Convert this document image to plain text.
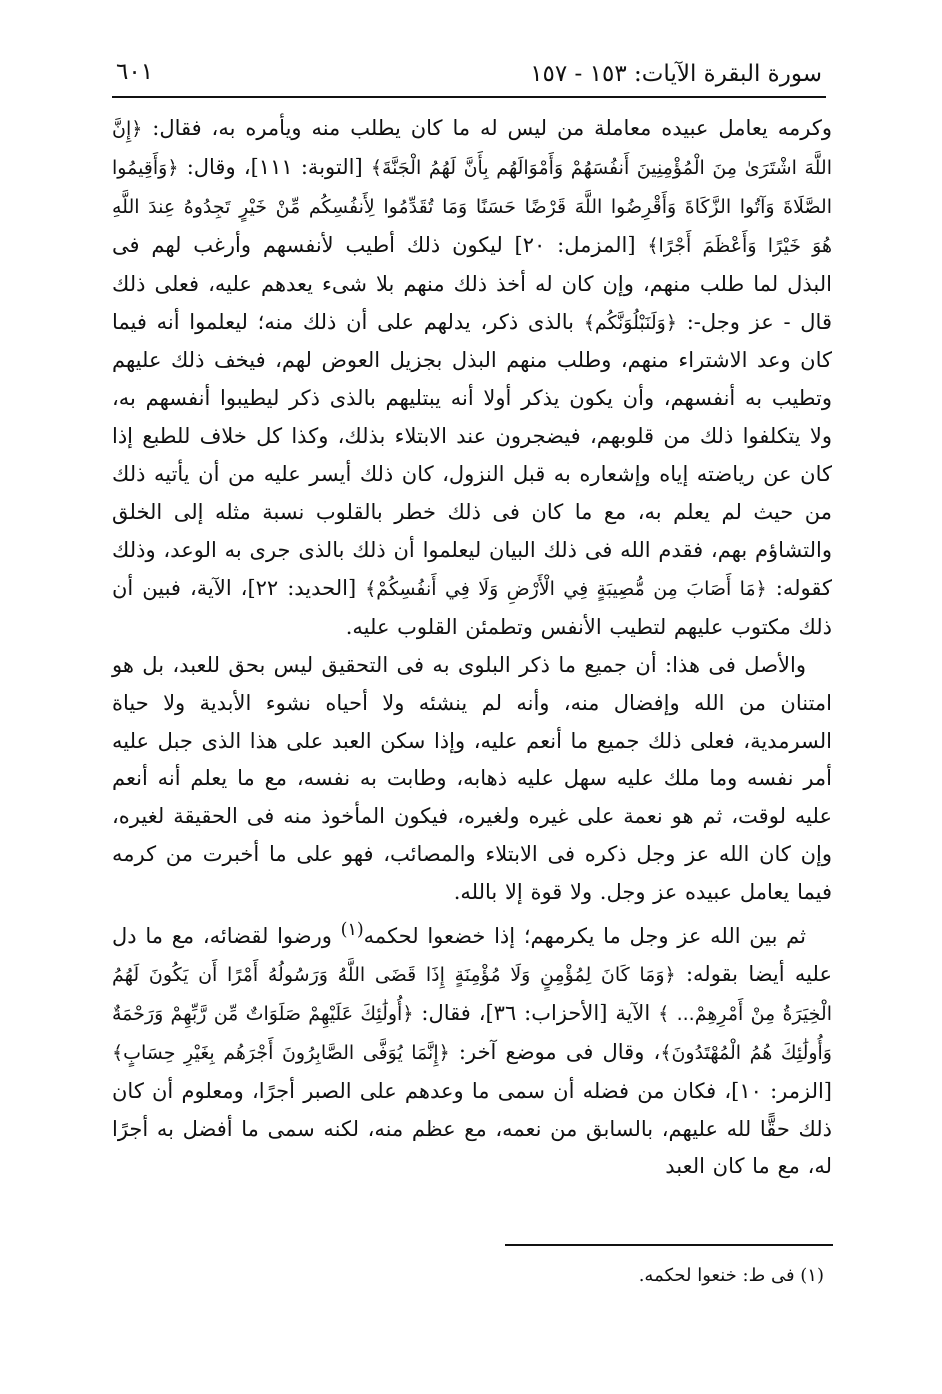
سورة البقرة الآيات: ١٥٣ - ١٥٧
٦٠١

وكرمه يعامل عبيده معاملة من ليس له ما كان يطلب منه ويأمره به، فقال: ﴿إِنَّ اللَّهَ اشْتَرَىٰ مِنَ الْمُؤْمِنِينَ أَنفُسَهُمْ وَأَمْوَالَهُم بِأَنَّ لَهُمُ الْجَنَّةَ﴾ [التوبة: ١١١]، وقال: ﴿وَأَقِيمُوا الصَّلَاةَ وَآتُوا الزَّكَاةَ وَأَقْرِضُوا اللَّهَ قَرْضًا حَسَنًا وَمَا تُقَدِّمُوا لِأَنفُسِكُم مِّنْ خَيْرٍ تَجِدُوهُ عِندَ اللَّهِ هُوَ خَيْرًا وَأَعْظَمَ أَجْرًا﴾ [المزمل: ٢٠] ليكون ذلك أطيب لأنفسهم وأرغب لهم فى البذل لما طلب منهم، وإن كان له أخذ ذلك منهم بلا شىء يعدهم عليه، فعلى ذلك قال - عز وجل-: ﴿وَلَنَبْلُوَنَّكُم﴾ بالذى ذكر، يدلهم على أن ذلك منه؛ ليعلموا أنه فيما كان وعد الاشتراء منهم، وطلب منهم البذل بجزيل العوض لهم، فيخف ذلك عليهم وتطيب به أنفسهم، وأن يكون يذكر أولا أنه يبتليهم بالذى ذكر ليطيبوا أنفسهم به، ولا يتكلفوا ذلك من قلوبهم، فيضجرون عند الابتلاء بذلك، وكذا كل خلاف للطبع إذا كان عن رياضته إياه وإشعاره به قبل النزول، كان ذلك أيسر عليه من أن يأتيه ذلك من حيث لم يعلم به، مع ما كان فى ذلك خطر بالقلوب نسبة مثله إلى الخلق والتشاؤم بهم، فقدم الله فى ذلك البيان ليعلموا أن ذلك بالذى جرى به الوعد، وذلك كقوله: ﴿مَا أَصَابَ مِن مُّصِيبَةٍ فِي الْأَرْضِ وَلَا فِي أَنفُسِكُمْ﴾ [الحديد: ٢٢]، الآية، فبين أن ذلك مكتوب عليهم لتطيب الأنفس وتطمئن القلوب عليه.

والأصل فى هذا: أن جميع ما ذكر البلوى به فى التحقيق ليس بحق للعبد، بل هو امتنان من الله وإفضال منه، وأنه لم ينشئه ولا أحياه نشوء الأبدية ولا حياة السرمدية، فعلى ذلك جميع ما أنعم عليه، وإذا سكن العبد على هذا الذى جبل عليه أمر نفسه وما ملك عليه سهل عليه ذهابه، وطابت به نفسه، مع ما يعلم أنه أنعم عليه لوقت، ثم هو نعمة على غيره ولغيره، فيكون المأخوذ منه فى الحقيقة لغيره، وإن كان الله عز وجل ذكره فى الابتلاء والمصائب، فهو على ما أخبرت من كرمه فيما يعامل عبيده عز وجل. ولا قوة إلا بالله.

ثم بين الله عز وجل ما يكرمهم؛ إذا خضعوا لحكمه$^{(١)}$ ورضوا لقضائه، مع ما دل عليه أيضا بقوله: ﴿وَمَا كَانَ لِمُؤْمِنٍ وَلَا مُؤْمِنَةٍ إِذَا قَضَى اللَّهُ وَرَسُولُهُ أَمْرًا أَن يَكُونَ لَهُمُ الْخِيَرَةُ مِنْ أَمْرِهِمْ... ﴾ الآية [الأحزاب: ٣٦]، فقال: ﴿أُولَٰئِكَ عَلَيْهِمْ صَلَوَاتٌ مِّن رَّبِّهِمْ وَرَحْمَةٌ وَأُولَٰئِكَ هُمُ الْمُهْتَدُونَ﴾، وقال فى موضع آخر: ﴿إِنَّمَا يُوَفَّى الصَّابِرُونَ أَجْرَهُم بِغَيْرِ حِسَابٍ﴾ [الزمر: ١٠]، فكان من فضله أن سمى ما وعدهم على الصبر أجرًا، ومعلوم أن كان ذلك حقًّا لله عليهم، بالسابق من نعمه، مع عظم منه، لكنه سمى ما أفضل به أجرًا له، مع ما كان العبد

(١) فى ط: خنعوا لحكمه.
